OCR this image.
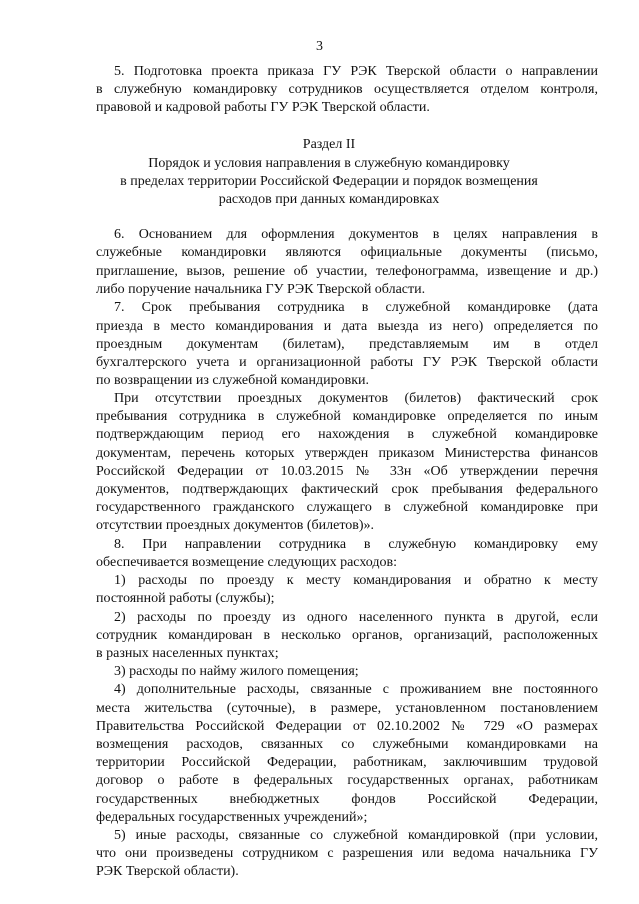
3
5. Подготовка проекта приказа ГУ РЭК Тверской области о направлении
в служебную командировку сотрудников осуществляется отделом контроля,
правовой и кадровой работы ГУ РЭК Тверской области.
Раздел II
Порядок и условия направления в служебную командировку
в пределах территории Российской Федерации и порядок возмещения
расходов при данных командировках
6. Основанием для оформления документов в целях направления в
служебные командировки являются официальные документы (письмо,
приглашение, вызов, решение об участии, телефонограмма, извещение и др.)
либо поручение начальника ГУ РЭК Тверской области.
7. Срок пребывания сотрудника в служебной командировке (дата
приезда в место командирования и дата выезда из него) определяется по
проездным документам (билетам), представляемым им в отдел
бухгалтерского учета и организационной работы ГУ РЭК Тверской области
по возвращении из служебной командировки.
При отсутствии проездных документов (билетов) фактический срок
пребывания сотрудника в служебной командировке определяется по иным
подтверждающим период его нахождения в служебной командировке
документам, перечень которых утвержден приказом Министерства финансов
Российской Федерации от 10.03.2015 № 33н «Об утверждении перечня
документов, подтверждающих фактический срок пребывания федерального
государственного гражданского служащего в служебной командировке при
отсутствии проездных документов (билетов)».
8. При направлении сотрудника в служебную командировку ему
обеспечивается возмещение следующих расходов:
1) расходы по проезду к месту командирования и обратно к месту
постоянной работы (службы);
2) расходы по проезду из одного населенного пункта в другой, если
сотрудник командирован в несколько органов, организаций, расположенных
в разных населенных пунктах;
3) расходы по найму жилого помещения;
4) дополнительные расходы, связанные с проживанием вне постоянного
места жительства (суточные), в размере, установленном постановлением
Правительства Российской Федерации от 02.10.2002 № 729 «О размерах
возмещения расходов, связанных со служебными командировками на
территории Российской Федерации, работникам, заключившим трудовой
договор о работе в федеральных государственных органах, работникам
государственных внебюджетных фондов Российской Федерации,
федеральных государственных учреждений»;
5) иные расходы, связанные со служебной командировкой (при условии,
что они произведены сотрудником с разрешения или ведома начальника ГУ
РЭК Тверской области).
